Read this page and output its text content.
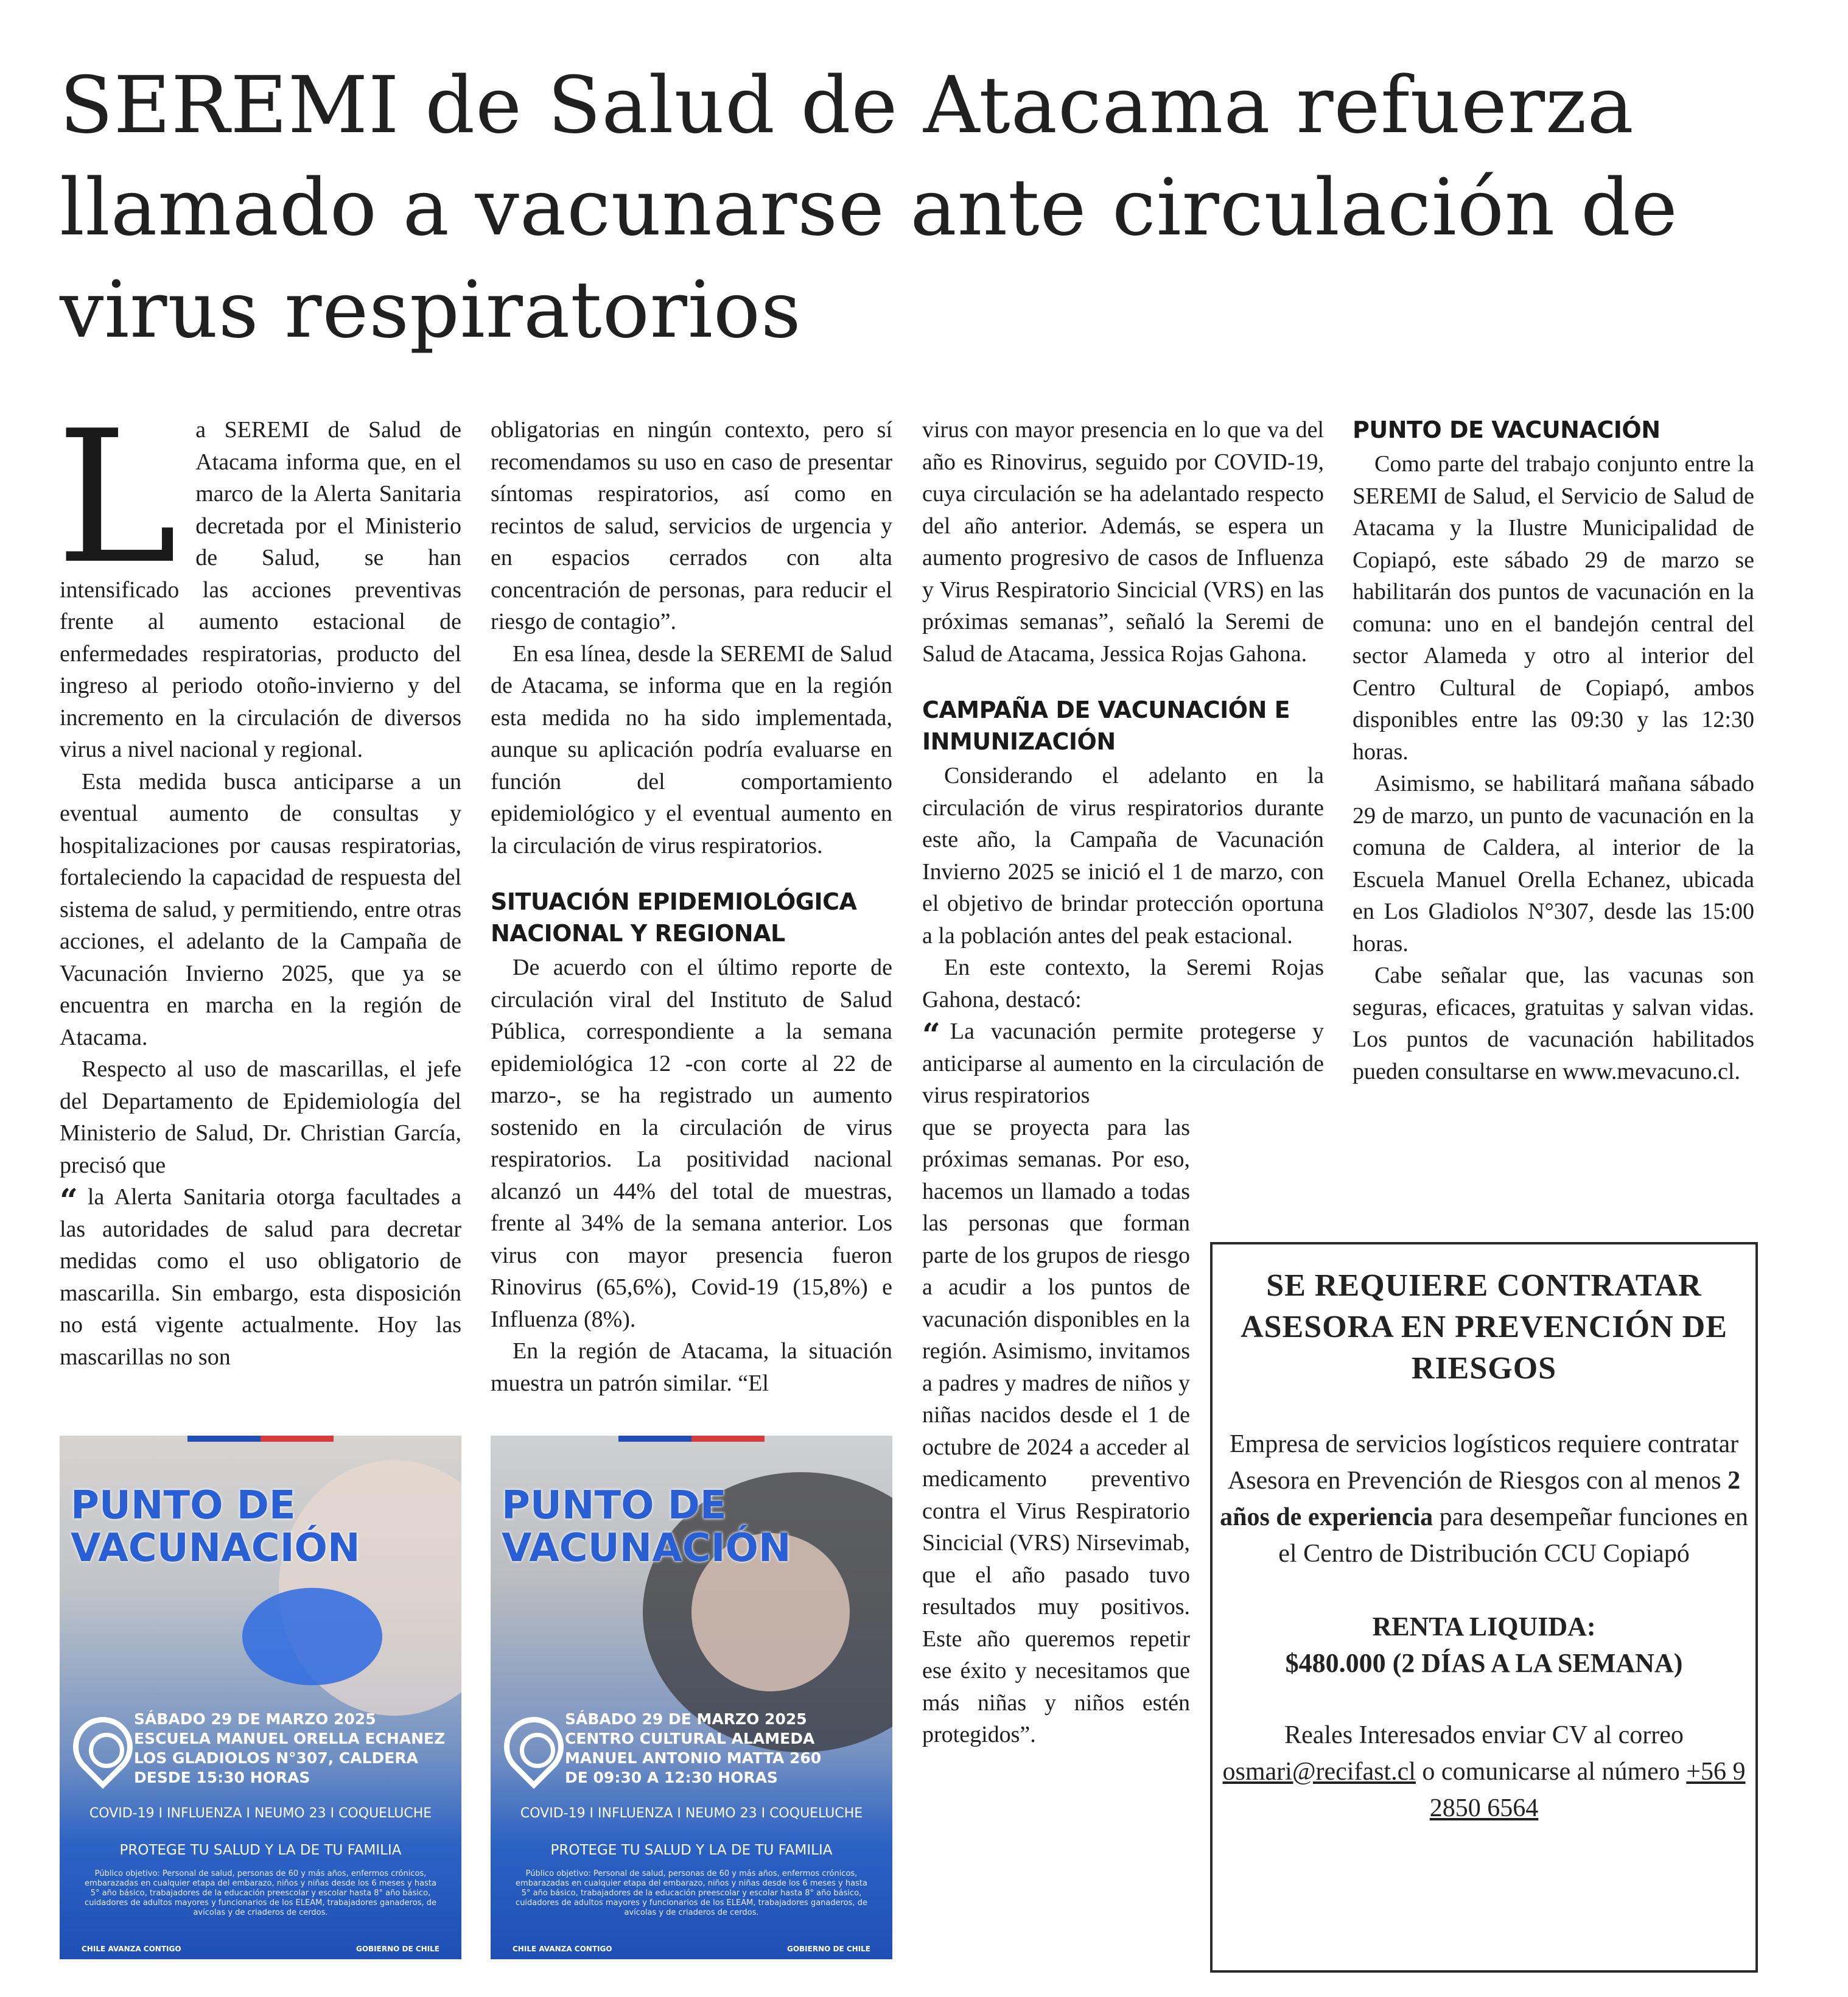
SEREMI de Salud de Atacama refuerza llamado a vacunarse ante circulación de virus respiratorios
L a SEREMI de Salud de Atacama informa que, en el marco de la Alerta Sanitaria decretada por el Ministerio de Salud, se han intensificado las acciones preventivas frente al aumento estacional de enfermedades respiratorias, producto del ingreso al periodo otoño-invierno y del incremento en la circulación de diversos virus a nivel nacional y regional.

Esta medida busca anticiparse a un eventual aumento de consultas y hospitalizaciones por causas respiratorias, fortaleciendo la capacidad de respuesta del sistema de salud, y permitiendo, entre otras acciones, el adelanto de la Campaña de Vacunación Invierno 2025, que ya se encuentra en marcha en la región de Atacama.

Respecto al uso de mascarillas, el jefe del Departamento de Epidemiología del Ministerio de Salud, Dr. Christian García, precisó que

“ la Alerta Sanitaria otorga facultades a las autoridades de salud para decretar medidas como el uso obligatorio de mascarilla. Sin embargo, esta disposición no está vigente actualmente. Hoy las mascarillas no son

obligatorias en ningún contexto, pero sí recomendamos su uso en caso de presentar síntomas respiratorios, así como en recintos de salud, servicios de urgencia y en espacios cerrados con alta concentración de personas, para reducir el riesgo de contagio”.

En esa línea, desde la SEREMI de Salud de Atacama, se informa que en la región esta medida no ha sido implementada, aunque su aplicación podría evaluarse en función del comportamiento epidemiológico y el eventual aumento en la circulación de virus respiratorios.

SITUACIÓN EPIDEMIOLÓGICA NACIONAL Y REGIONAL

De acuerdo con el último reporte de circulación viral del Instituto de Salud Pública, correspondiente a la semana epidemiológica 12 -con corte al 22 de marzo-, se ha registrado un aumento sostenido en la circulación de virus respiratorios. La positividad nacional alcanzó un 44% del total de muestras, frente al 34% de la semana anterior. Los virus con mayor presencia fueron Rinovirus (65,6%), Covid-19 (15,8%) e Influenza (8%).

En la región de Atacama, la situación muestra un patrón similar. “El

virus con mayor presencia en lo que va del año es Rinovirus, seguido por COVID-19, cuya circulación se ha adelantado respecto del año anterior. Además, se espera un aumento progresivo de casos de Influenza y Virus Respiratorio Sincicial (VRS) en las próximas semanas”, señaló la Seremi de Salud de Atacama, Jessica Rojas Gahona.

CAMPAÑA DE VACUNACIÓN E INMUNIZACIÓN

Considerando el adelanto en la circulación de virus respiratorios durante este año, la Campaña de Vacunación Invierno 2025 se inició el 1 de marzo, con el objetivo de brindar protección oportuna a la población antes del peak estacional.

En este contexto, la Seremi Rojas Gahona, destacó:

“ La vacunación permite protegerse y anticiparse al aumento en la circulación de virus respiratorios

que se proyecta para las próximas semanas. Por eso, hacemos un llamado a todas las personas que forman parte de los grupos de riesgo a acudir a los puntos de vacunación disponibles en la región. Asimismo, invitamos a padres y madres de niños y niñas nacidos desde el 1 de octubre de 2024 a acceder al medicamento preventivo contra el Virus Respiratorio Sincicial (VRS) Nirsevimab, que el año pasado tuvo resultados muy positivos. Este año queremos repetir ese éxito y necesitamos que más niñas y niños estén protegidos”.

PUNTO DE VACUNACIÓN

Como parte del trabajo conjunto entre la SEREMI de Salud, el Servicio de Salud de Atacama y la Ilustre Municipalidad de Copiapó, este sábado 29 de marzo se habilitarán dos puntos de vacunación en la comuna: uno en el bandejón central del sector Alameda y otro al interior del Centro Cultural de Copiapó, ambos disponibles entre las 09:30 y las 12:30 horas.

Asimismo, se habilitará mañana sábado 29 de marzo, un punto de vacunación en la comuna de Caldera, al interior de la Escuela Manuel Orella Echanez, ubicada en Los Gladiolos N°307, desde las 15:00 horas.

Cabe señalar que, las vacunas son seguras, eficaces, gratuitas y salvan vidas. Los puntos de vacunación habilitados pueden consultarse en www.mevacuno.cl.

PUNTO DE VACUNACIÓN
SÁBADO 29 DE MARZO 2025
ESCUELA MANUEL ORELLA ECHANEZ
LOS GLADIOLOS N°307, CALDERA
DESDE 15:30 HORAS
COVID-19 I INFLUENZA I NEUMO 23 I COQUELUCHE
PROTEGE TU SALUD Y LA DE TU FAMILIA
Público objetivo: Personal de salud, personas de 60 y más años, enfermos crónicos, embarazadas en cualquier etapa del embarazo, niños y niñas desde los 6 meses y hasta 5° año básico, trabajadores de la educación preescolar y escolar hasta 8° año básico, cuidadores de adultos mayores y funcionarios de los ELEAM, trabajadores ganaderos, de avícolas y de criaderos de cerdos.
CHILE AVANZA CONTIGO	GOBIERNO DE CHILE
PUNTO DE VACUNACIÓN
SÁBADO 29 DE MARZO 2025
CENTRO CULTURAL ALAMEDA
MANUEL ANTONIO MATTA 260
DE 09:30 A 12:30 HORAS
COVID-19 I INFLUENZA I NEUMO 23 I COQUELUCHE
PROTEGE TU SALUD Y LA DE TU FAMILIA
Público objetivo: Personal de salud, personas de 60 y más años, enfermos crónicos, embarazadas en cualquier etapa del embarazo, niños y niñas desde los 6 meses y hasta 5° año básico, trabajadores de la educación preescolar y escolar hasta 8° año básico, cuidadores de adultos mayores y funcionarios de los ELEAM, trabajadores ganaderos, de avícolas y de criaderos de cerdos.
CHILE AVANZA CONTIGO	GOBIERNO DE CHILE
SE REQUIERE CONTRATAR ASESORA EN PREVENCIÓN DE RIESGOS
Empresa de servicios logísticos requiere contratar Asesora en Prevención de Riesgos con al menos 2 años de experiencia para desempeñar funciones en el Centro de Distribución CCU Copiapó
RENTA LIQUIDA:
$480.000 (2 DÍAS A LA SEMANA)
Reales Interesados enviar CV al correo osmari@recifast.cl o comunicarse al número +56 9 2850 6564
